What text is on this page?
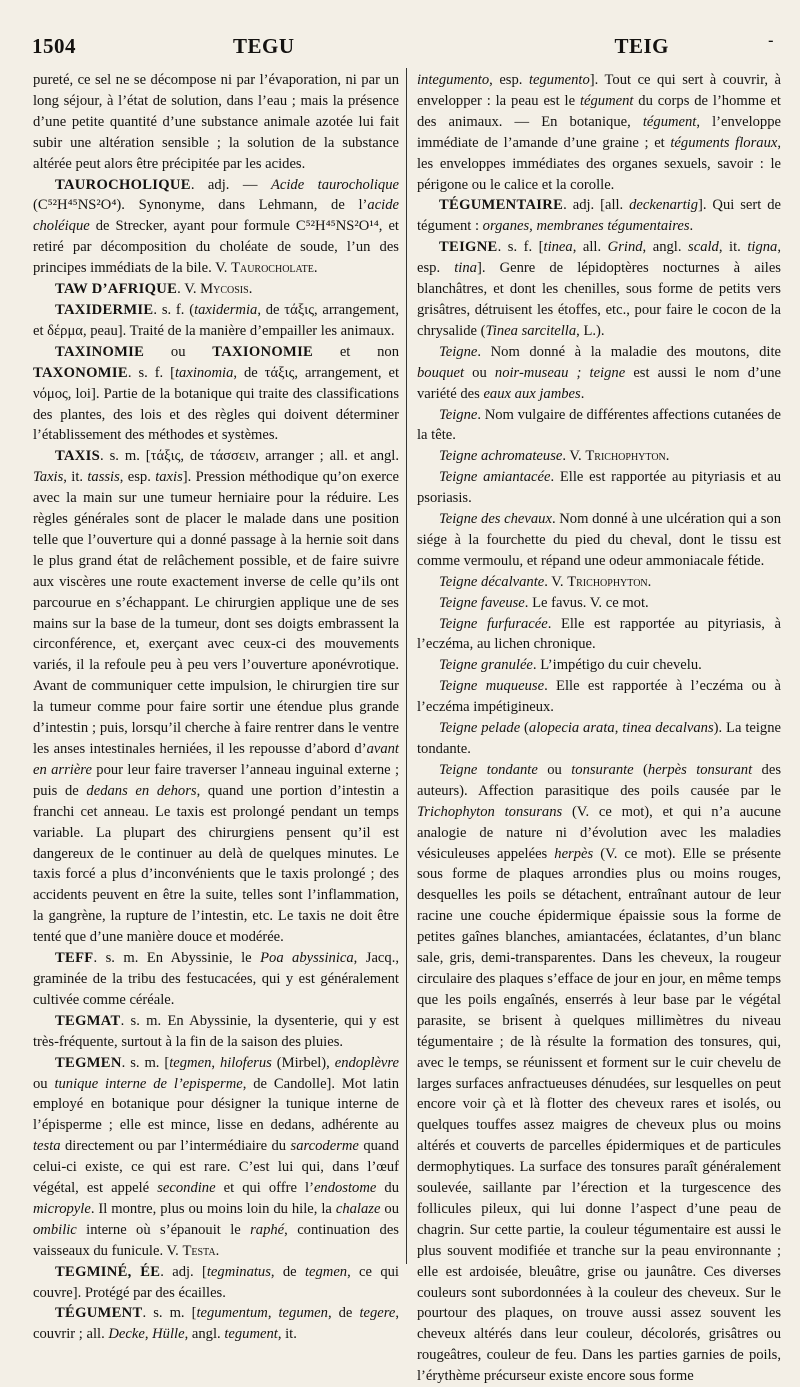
1504	TEGU	TEIG	-

pureté, ce sel ne se décompose ni par l’évaporation, ni par un long séjour, à l’état de solution, dans l’eau ; mais la présence d’une petite quantité d’une substance animale azotée lui fait subir une altération sensible ; la solution de la substance altérée peut alors être précipitée par les acides.

TAUROCHOLIQUE. adj. — Acide taurocholique (C⁵²H⁴⁵NS²O⁴). Synonyme, dans Lehmann, de l’acide choléique de Strecker, ayant pour formule C⁵²H⁴⁵NS²O¹⁴, et retiré par décomposition du choléate de soude, l’un des principes immédiats de la bile. V. Taurocholate.

TAW D’AFRIQUE. V. Mycosis.

TAXIDERMIE. s. f. (taxidermia, de τάξις, arrangement, et δέρμα, peau]. Traité de la manière d’empailler les animaux.

TAXINOMIE ou TAXIONOMIE et non TAXONOMIE. s. f. [taxinomia, de τάξις, arrangement, et νόμος, loi]. Partie de la botanique qui traite des classifications des plantes, des lois et des règles qui doivent déterminer l’établissement des méthodes et systèmes.

TAXIS. s. m. [τάξις, de τάσσειν, arranger ; all. et angl. Taxis, it. tassis, esp. taxis]. Pression méthodique qu’on exerce avec la main sur une tumeur herniaire pour la réduire. Les règles générales sont de placer le malade dans une position telle que l’ouverture qui a donné passage à la hernie soit dans le plus grand état de relâchement possible, et de faire suivre aux viscères une route exactement inverse de celle qu’ils ont parcourue en s’échappant. Le chirurgien applique une de ses mains sur la base de la tumeur, dont ses doigts embrassent la circonférence, et, exerçant avec ceux-ci des mouvements variés, il la refoule peu à peu vers l’ouverture aponévrotique. Avant de communiquer cette impulsion, le chirurgien tire sur la tumeur comme pour faire sortir une étendue plus grande d’intestin ; puis, lorsqu’il cherche à faire rentrer dans le ventre les anses intestinales herniées, il les repousse d’abord d’avant en arrière pour leur faire traverser l’anneau inguinal externe ; puis de dedans en dehors, quand une portion d’intestin a franchi cet anneau. Le taxis est prolongé pendant un temps variable. La plupart des chirurgiens pensent qu’il est dangereux de le continuer au delà de quelques minutes. Le taxis forcé a plus d’inconvénients que le taxis prolongé ; des accidents peuvent en être la suite, telles sont l’inflammation, la gangrène, la rupture de l’intestin, etc. Le taxis ne doit être tenté que d’une manière douce et modérée.

TEFF. s. m. En Abyssinie, le Poa abyssinica, Jacq., graminée de la tribu des festucacées, qui y est généralement cultivée comme céréale.

TEGMAT. s. m. En Abyssinie, la dysenterie, qui y est très-fréquente, surtout à la fin de la saison des pluies.

TEGMEN. s. m. [tegmen, hiloferus (Mirbel), endoplèvre ou tunique interne de l’episperme, de Candolle]. Mot latin employé en botanique pour désigner la tunique interne de l’épisperme ; elle est mince, lisse en dedans, adhérente au testa directement ou par l’intermédiaire du sarcoderme quand celui-ci existe, ce qui est rare. C’est lui qui, dans l’œuf végétal, est appelé secondine et qui offre l’endostome du micropyle. Il montre, plus ou moins loin du hile, la chalaze ou ombilic interne où s’épanouit le raphé, continuation des vaisseaux du funicule. V. Testa.

TEGMINÉ, ÉE. adj. [tegminatus, de tegmen, ce qui couvre]. Protégé par des écailles.

TÉGUMENT. s. m. [tegumentum, tegumen, de tegere, couvrir ; all. Decke, Hülle, angl. tegument, it.

integumento, esp. tegumento]. Tout ce qui sert à couvrir, à envelopper : la peau est le tégument du corps de l’homme et des animaux. — En botanique, tégument, l’enveloppe immédiate de l’amande d’une graine ; et téguments floraux, les enveloppes immédiates des organes sexuels, savoir : le périgone ou le calice et la corolle.

TÉGUMENTAIRE. adj. [all. deckenartig]. Qui sert de tégument : organes, membranes tégumentaires.

TEIGNE. s. f. [tinea, all. Grind, angl. scald, it. tigna, esp. tina]. Genre de lépidoptères nocturnes à ailes blanchâtres, et dont les chenilles, sous forme de petits vers grisâtres, détruisent les étoffes, etc., pour faire le cocon de la chrysalide (Tinea sarcitella, L.).

Teigne. Nom donné à la maladie des moutons, dite bouquet ou noir-museau ; teigne est aussi le nom d’une variété des eaux aux jambes.

Teigne. Nom vulgaire de différentes affections cutanées de la tête.

Teigne achromateuse. V. Trichophyton.

Teigne amiantacée. Elle est rapportée au pityriasis et au psoriasis.

Teigne des chevaux. Nom donné à une ulcération qui a son siége à la fourchette du pied du cheval, dont le tissu est comme vermoulu, et répand une odeur ammoniacale fétide.

Teigne décalvante. V. Trichophyton.

Teigne faveuse. Le favus. V. ce mot.

Teigne furfuracée. Elle est rapportée au pityriasis, à l’eczéma, au lichen chronique.

Teigne granulée. L’impétigo du cuir chevelu.

Teigne muqueuse. Elle est rapportée à l’eczéma ou à l’eczéma impétigineux.

Teigne pelade (alopecia arata, tinea decalvans). La teigne tondante.

Teigne tondante ou tonsurante (herpès tonsurant des auteurs). Affection parasitique des poils causée par le Trichophyton tonsurans (V. ce mot), et qui n’a aucune analogie de nature ni d’évolution avec les maladies vésiculeuses appelées herpès (V. ce mot). Elle se présente sous forme de plaques arrondies plus ou moins rouges, desquelles les poils se détachent, entraînant autour de leur racine une couche épidermique épaissie sous la forme de petites gaînes blanches, amiantacées, éclatantes, d’un blanc sale, gris, demi-transparentes. Dans les cheveux, la rougeur circulaire des plaques s’efface de jour en jour, en même temps que les poils engaînés, enserrés à leur base par le végétal parasite, se brisent à quelques millimètres du niveau tégumentaire ; de là résulte la formation des tonsures, qui, avec le temps, se réunissent et forment sur le cuir chevelu de larges surfaces anfractueuses dénudées, sur lesquelles on peut encore voir çà et là flotter des cheveux rares et isolés, ou quelques touffes assez maigres de cheveux plus ou moins altérés et couverts de parcelles épidermiques et de particules dermophytiques. La surface des tonsures paraît généralement soulevée, saillante par l’érection et la turgescence des follicules pileux, qui lui donne l’aspect d’une peau de chagrin. Sur cette partie, la couleur tégumentaire est aussi le plus souvent modifiée et tranche sur la peau environnante ; elle est ardoisée, bleuâtre, grise ou jaunâtre. Ces diverses couleurs sont subordonnées à la couleur des cheveux. Sur le pourtour des plaques, on trouve aussi assez souvent les cheveux altérés dans leur couleur, décolorés, grisâtres ou rougeâtres, couleur de feu. Dans les parties garnies de poils, l’érythème précurseur existe encore sous forme
